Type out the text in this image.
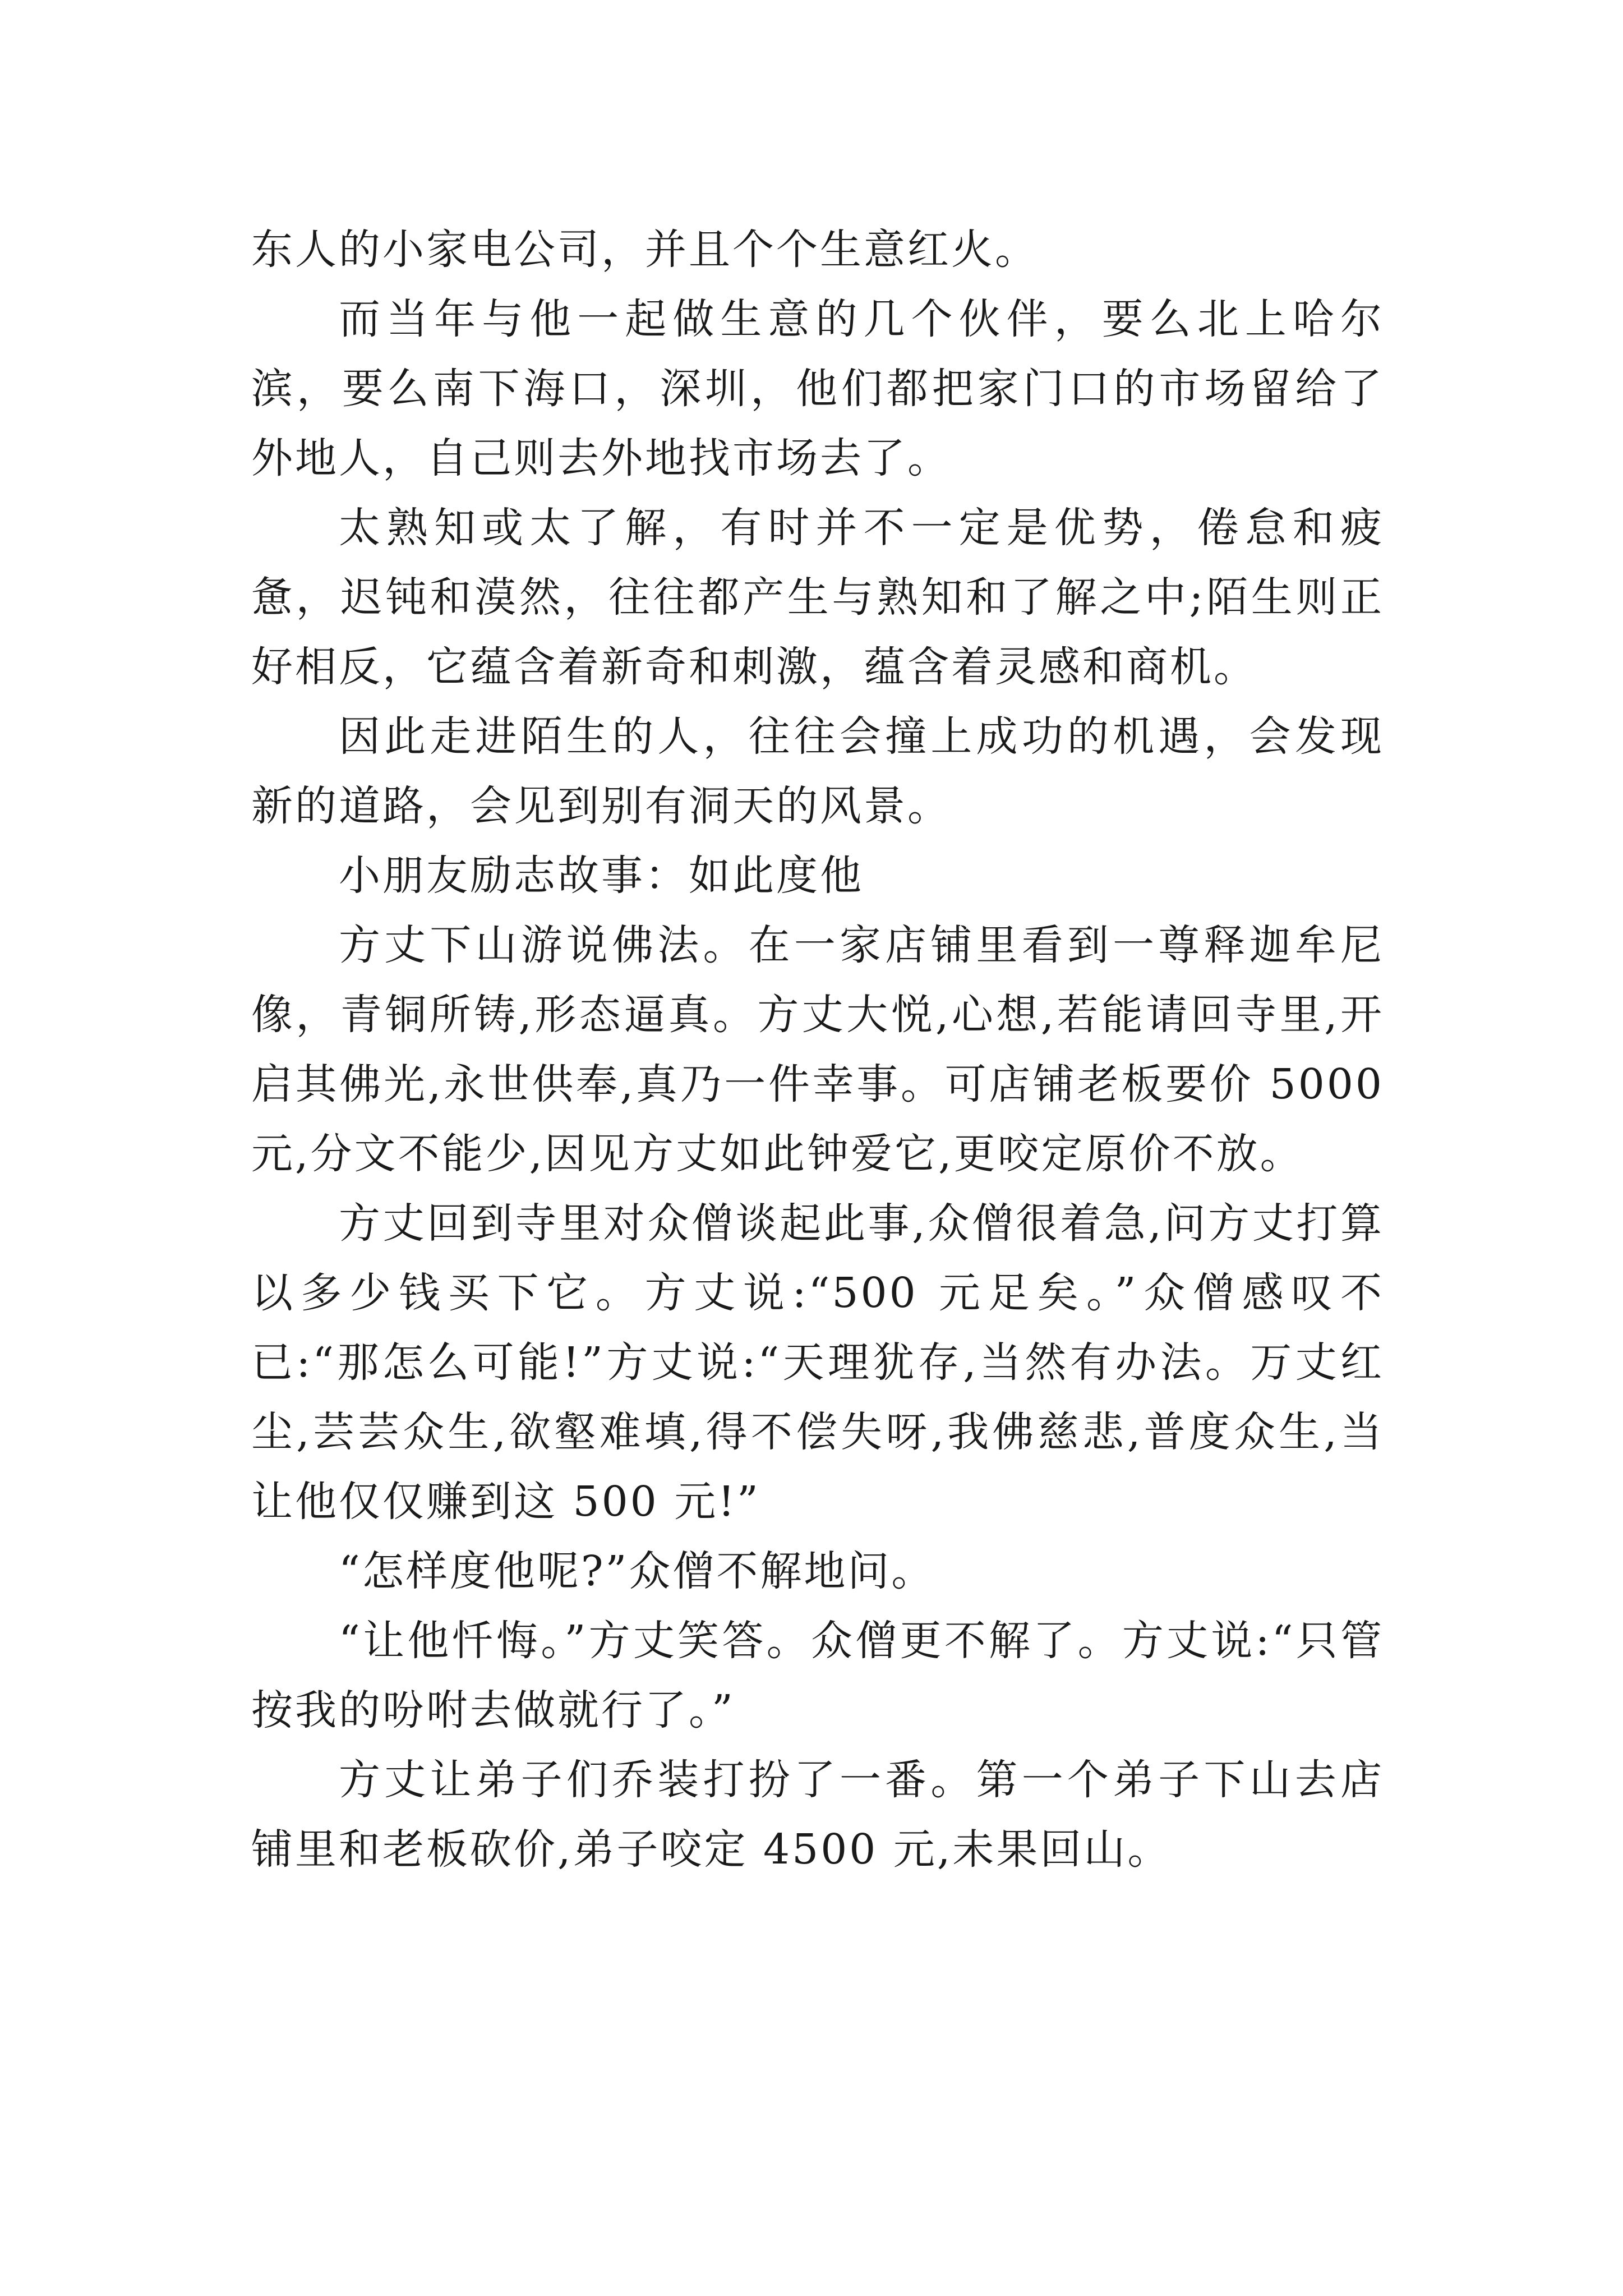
东人的小家电公司，并且个个生意红火。

而当年与他一起做生意的几个伙伴，要么北上哈尔滨，要么南下海口，深圳，他们都把家门口的市场留给了外地人，自己则去外地找市场去了。

太熟知或太了解，有时并不一定是优势，倦怠和疲惫，迟钝和漠然，往往都产生与熟知和了解之中;陌生则正好相反，它蕴含着新奇和刺激，蕴含着灵感和商机。

因此走进陌生的人，往往会撞上成功的机遇，会发现新的道路，会见到别有洞天的风景。

小朋友励志故事：如此度他

方丈下山游说佛法。在一家店铺里看到一尊释迦牟尼像，青铜所铸,形态逼真。方丈大悦,心想,若能请回寺里,开启其佛光,永世供奉,真乃一件幸事。可店铺老板要价 5000 元,分文不能少,因见方丈如此钟爱它,更咬定原价不放。

方丈回到寺里对众僧谈起此事,众僧很着急,问方丈打算以多少钱买下它。方丈说:“500 元足矣。”众僧感叹不已:“那怎么可能!”方丈说:“天理犹存,当然有办法。万丈红尘,芸芸众生,欲壑难填,得不偿失呀,我佛慈悲,普度众生,当让他仅仅赚到这 500 元!”

“怎样度他呢?”众僧不解地问。

“让他忏悔。”方丈笑答。众僧更不解了。方丈说:“只管按我的吩咐去做就行了。”

方丈让弟子们乔装打扮了一番。第一个弟子下山去店铺里和老板砍价,弟子咬定 4500 元,未果回山。
